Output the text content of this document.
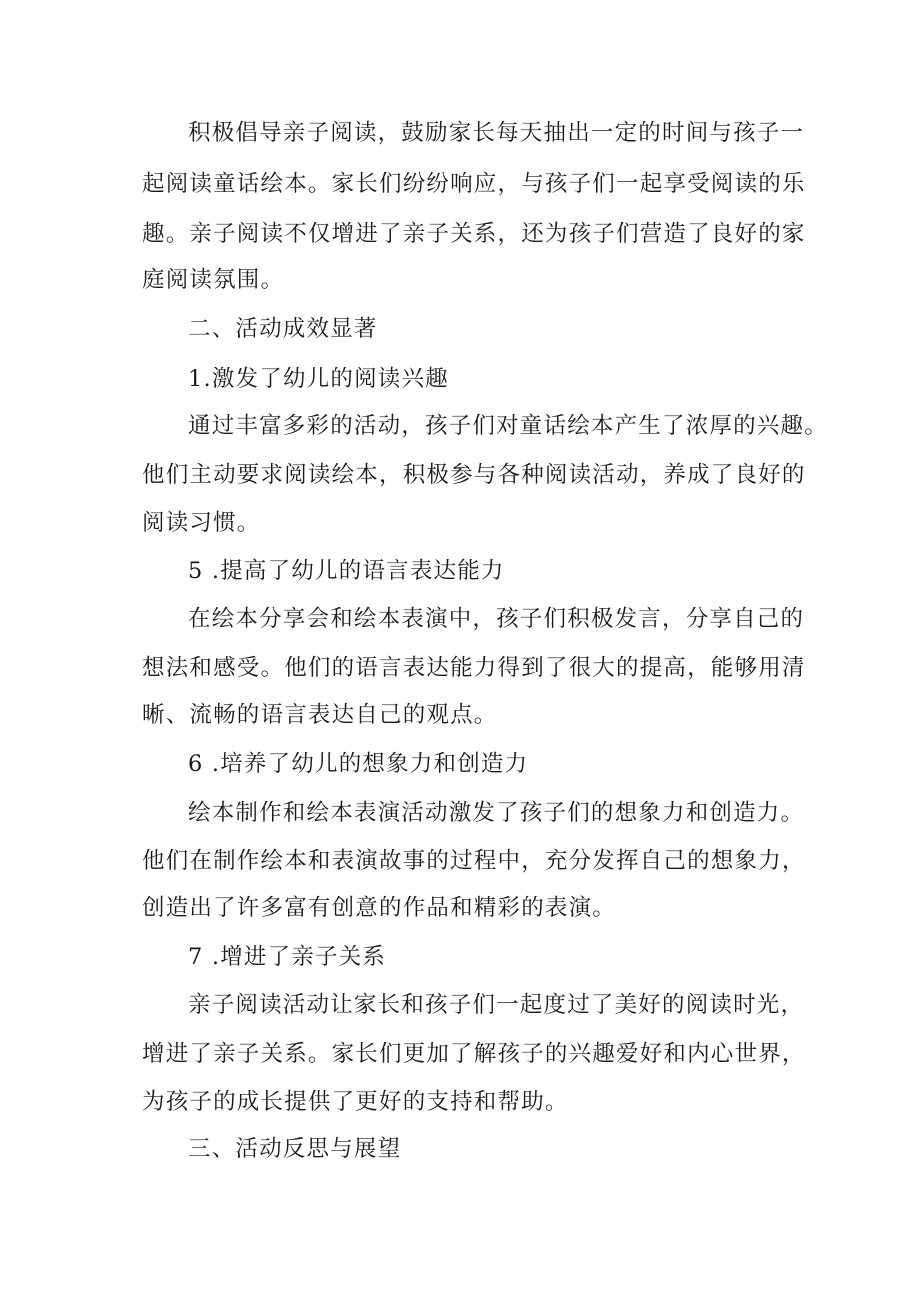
积极倡导亲子阅读，鼓励家长每天抽出一定的时间与孩子一
起阅读童话绘本。家长们纷纷响应，与孩子们一起享受阅读的乐
趣。亲子阅读不仅增进了亲子关系，还为孩子们营造了良好的家
庭阅读氛围。
二、活动成效显著
1.激发了幼儿的阅读兴趣
通过丰富多彩的活动，孩子们对童话绘本产生了浓厚的兴趣。
他们主动要求阅读绘本，积极参与各种阅读活动，养成了良好的
阅读习惯。
5 .提高了幼儿的语言表达能力
在绘本分享会和绘本表演中，孩子们积极发言，分享自己的
想法和感受。他们的语言表达能力得到了很大的提高，能够用清
晰、流畅的语言表达自己的观点。
6 .培养了幼儿的想象力和创造力
绘本制作和绘本表演活动激发了孩子们的想象力和创造力。
他们在制作绘本和表演故事的过程中，充分发挥自己的想象力，
创造出了许多富有创意的作品和精彩的表演。
7 .增进了亲子关系
亲子阅读活动让家长和孩子们一起度过了美好的阅读时光，
增进了亲子关系。家长们更加了解孩子的兴趣爱好和内心世界，
为孩子的成长提供了更好的支持和帮助。
三、活动反思与展望
